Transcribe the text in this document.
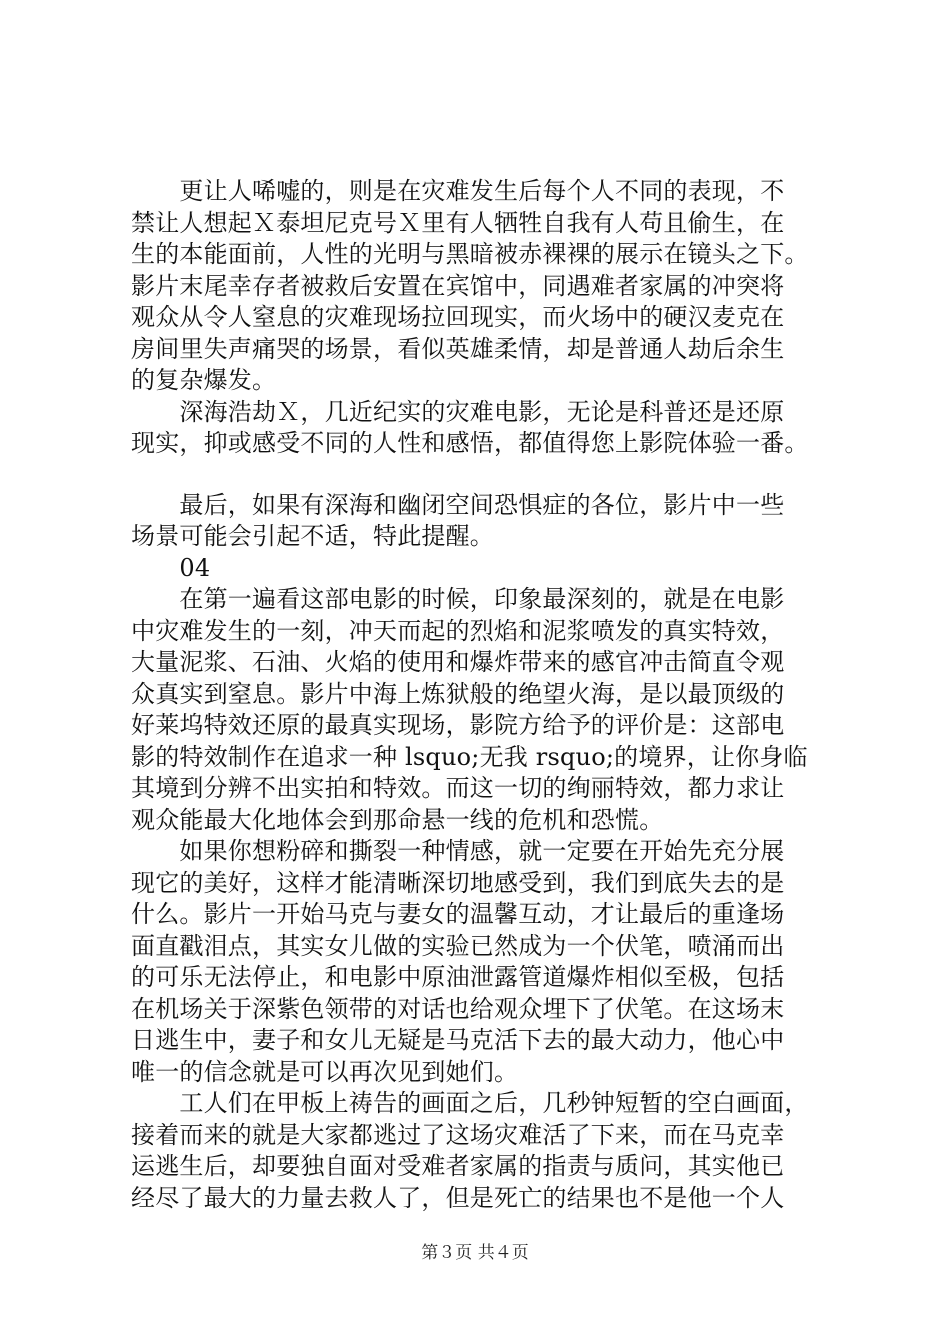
　　更让人唏嘘的，则是在灾难发生后每个人不同的表现，不
禁让人想起Ｘ泰坦尼克号Ｘ里有人牺牲自我有人苟且偷生，在
生的本能面前，人性的光明与黑暗被赤裸裸的展示在镜头之下。
影片末尾幸存者被救后安置在宾馆中，同遇难者家属的冲突将
观众从令人窒息的灾难现场拉回现实，而火场中的硬汉麦克在
房间里失声痛哭的场景，看似英雄柔情，却是普通人劫后余生
的复杂爆发。
　　深海浩劫Ｘ，几近纪实的灾难电影，无论是科普还是还原
现实，抑或感受不同的人性和感悟，都值得您上影院体验一番。
　　最后，如果有深海和幽闭空间恐惧症的各位，影片中一些
场景可能会引起不适，特此提醒。
　　04
　　在第一遍看这部电影的时候，印象最深刻的，就是在电影
中灾难发生的一刻，冲天而起的烈焰和泥浆喷发的真实特效，
大量泥浆、石油、火焰的使用和爆炸带来的感官冲击简直令观
众真实到窒息。影片中海上炼狱般的绝望火海，是以最顶级的
好莱坞特效还原的最真实现场，影院方给予的评价是：这部电
影的特效制作在追求一种 lsquo;无我 rsquo;的境界，让你身临
其境到分辨不出实拍和特效。而这一切的绚丽特效，都力求让
观众能最大化地体会到那命悬一线的危机和恐慌。
　　如果你想粉碎和撕裂一种情感，就一定要在开始先充分展
现它的美好，这样才能清晰深切地感受到，我们到底失去的是
什么。影片一开始马克与妻女的温馨互动，才让最后的重逢场
面直戳泪点，其实女儿做的实验已然成为一个伏笔，喷涌而出
的可乐无法停止，和电影中原油泄露管道爆炸相似至极，包括
在机场关于深紫色领带的对话也给观众埋下了伏笔。在这场末
日逃生中，妻子和女儿无疑是马克活下去的最大动力，他心中
唯一的信念就是可以再次见到她们。
　　工人们在甲板上祷告的画面之后，几秒钟短暂的空白画面，
接着而来的就是大家都逃过了这场灾难活了下来，而在马克幸
运逃生后，却要独自面对受难者家属的指责与质问，其实他已
经尽了最大的力量去救人了，但是死亡的结果也不是他一个人
第３页 共４页
